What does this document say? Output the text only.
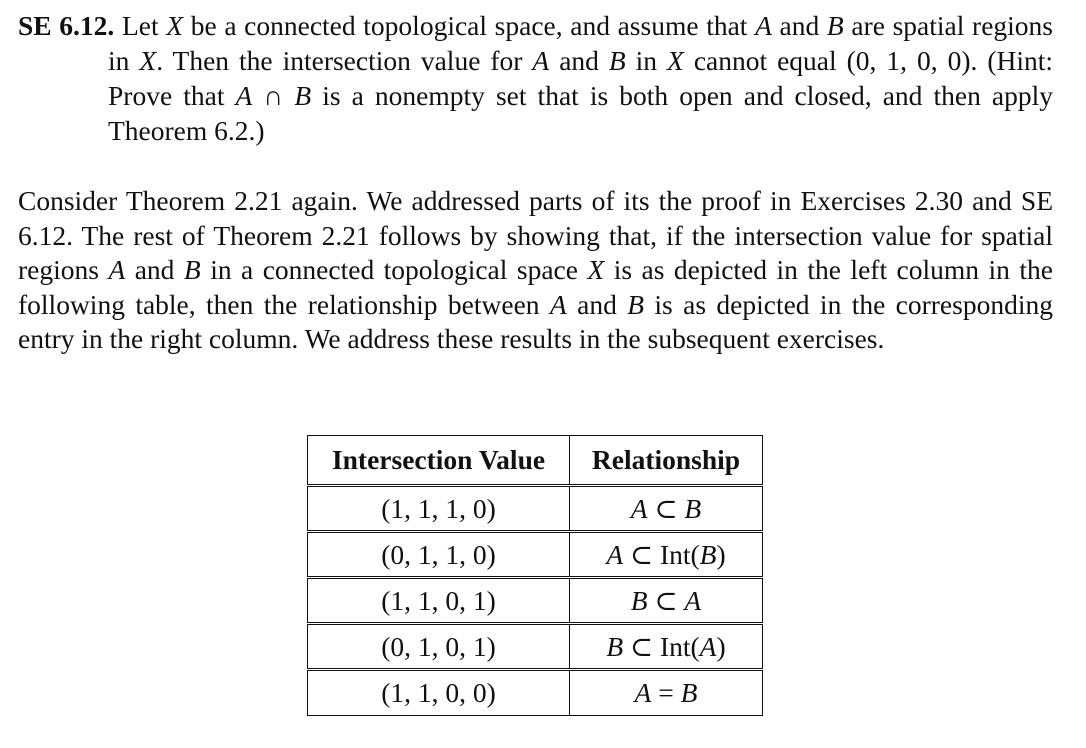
SE 6.12. Let X be a connected topological space, and assume that A and B are spatial regions in X. Then the intersection value for A and B in X cannot equal (0, 1, 0, 0). (Hint: Prove that A ∩ B is a nonempty set that is both open and closed, and then apply Theorem 6.2.)
Consider Theorem 2.21 again. We addressed parts of its the proof in Exercises 2.30 and SE 6.12. The rest of Theorem 2.21 follows by showing that, if the intersection value for spatial regions A and B in a connected topological space X is as depicted in the left column in the following table, then the relationship between A and B is as depicted in the corresponding entry in the right column. We address these results in the subsequent exercises.
Intersection Value	Relationship
(1, 1, 1, 0)	A ⊂ B
(0, 1, 1, 0)	A ⊂ Int(B)
(1, 1, 0, 1)	B ⊂ A
(0, 1, 0, 1)	B ⊂ Int(A)
(1, 1, 0, 0)	A = B
